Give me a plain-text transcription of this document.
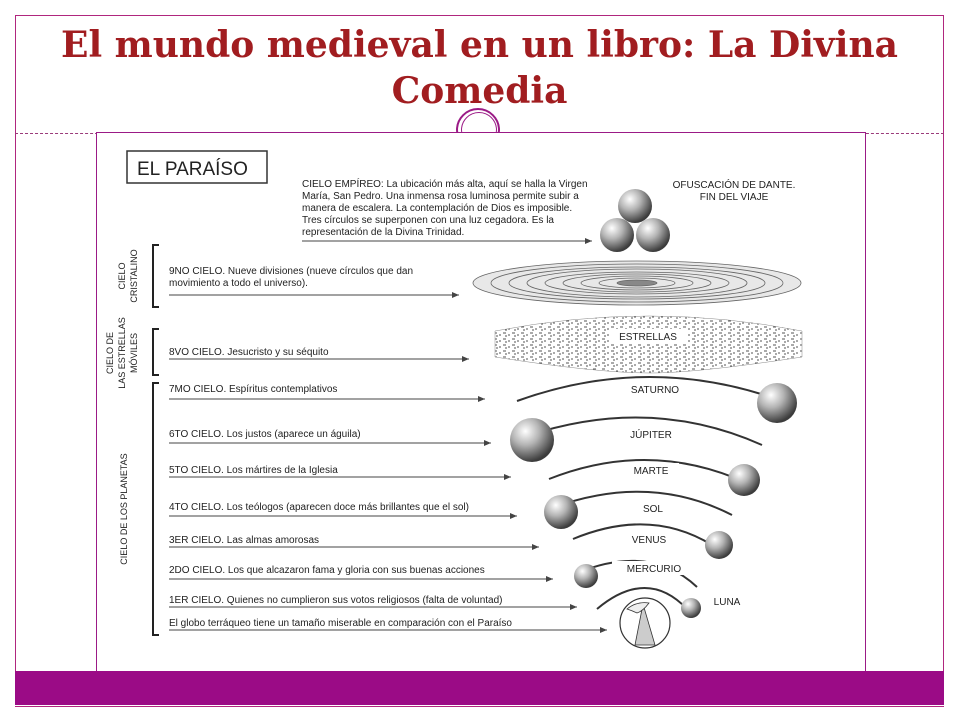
El mundo medieval en un libro: La Divina Comedia
EL PARAÍSO
CIELO EMPÍREO: La ubicación más alta, aquí se halla la Virgen
María, San Pedro. Una inmensa rosa luminosa permite subir a
manera de escalera. La contemplación de Dios es imposible.
Tres círculos se superponen con una luz cegadora. Es la
representación de la Divina Trinidad.
OFUSCACIÓN DE DANTE.
FIN DEL VIAJE
CIELO CRISTALINO
CIELO DE LAS ESTRELLAS MÓVILES
CIELO DE LOS PLANETAS
9NO CIELO. Nueve divisiones (nueve círculos que dan
movimiento a todo el universo).
8VO CIELO. Jesucristo y su séquito
7MO CIELO. Espíritus contemplativos
6TO CIELO. Los justos (aparece un águila)
5TO CIELO. Los mártires de la Iglesia
4TO CIELO. Los teólogos (aparecen doce más brillantes que el sol)
3ER CIELO. Las almas amorosas
2DO CIELO. Los que alcazaron fama y gloria con sus buenas acciones
1ER CIELO. Quienes no cumplieron sus votos religiosos (falta de voluntad)
El globo terráqueo tiene un tamaño miserable en comparación con el Paraíso
ESTRELLAS
SATURNO
JÚPITER
MARTE
SOL
VENUS
MERCURIO
LUNA
